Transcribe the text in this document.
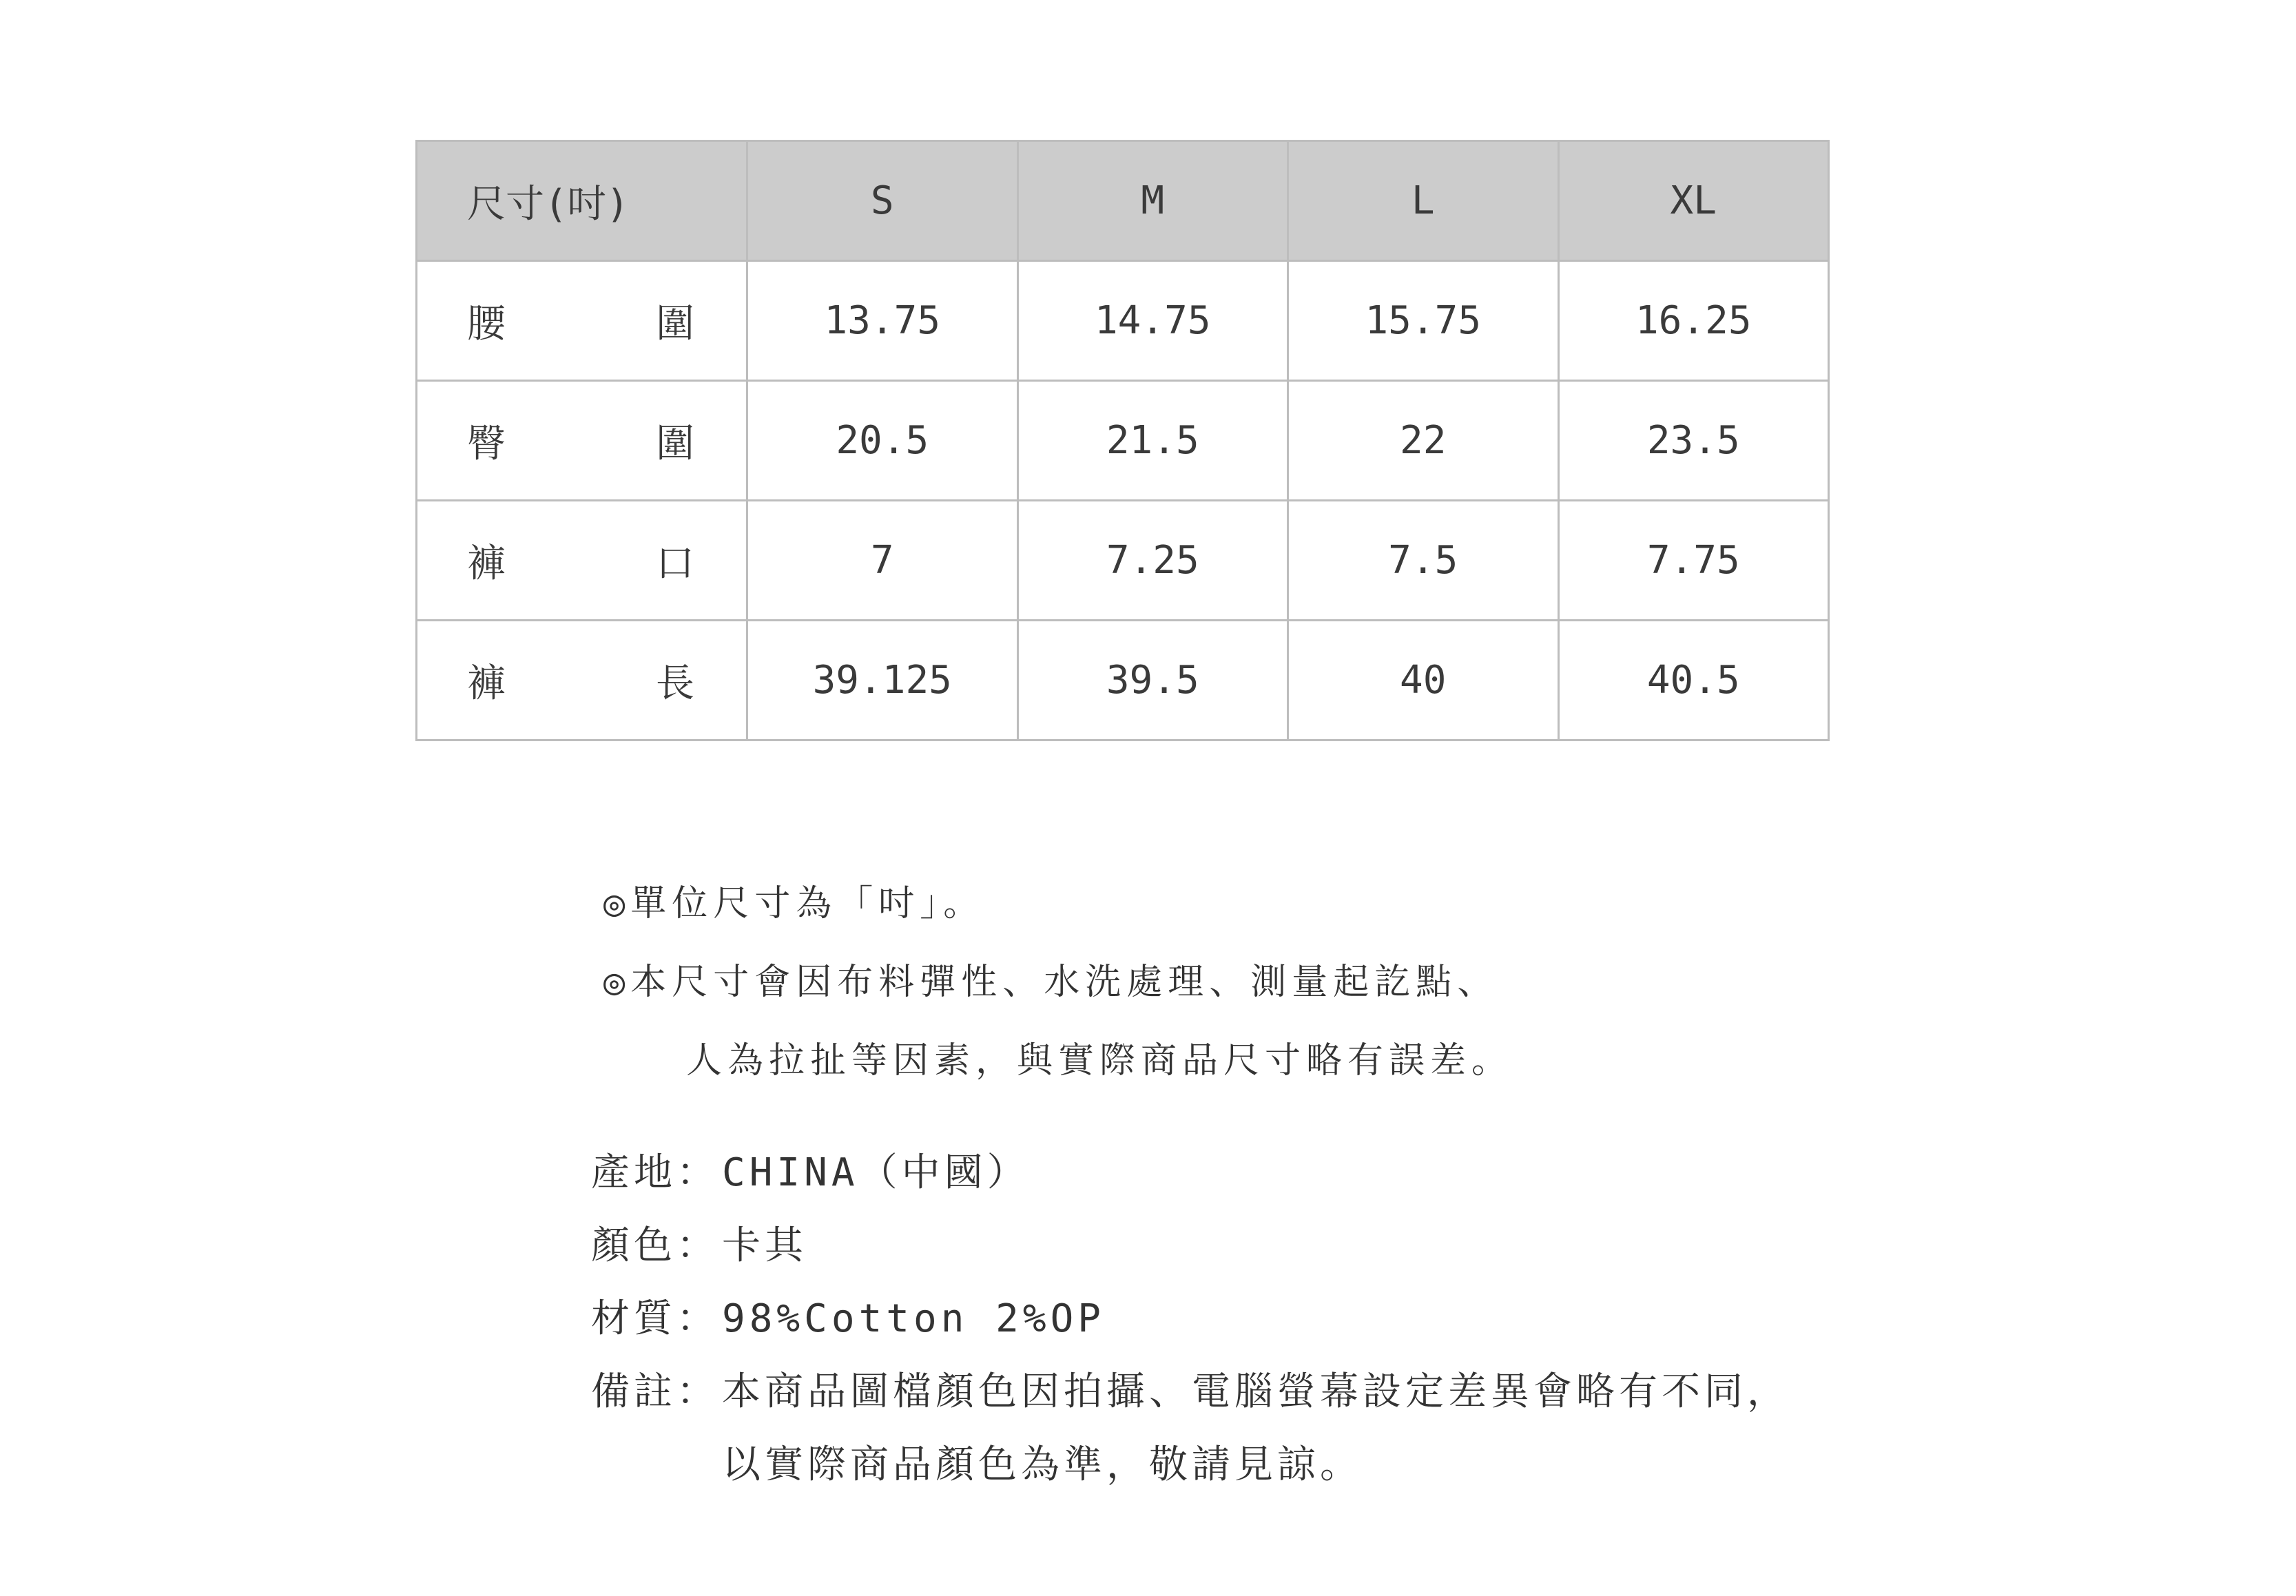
尺寸(吋)	S	M	L	XL

腰 圍	13.75	14.75	15.75	16.25

臀 圍	20.5	21.5	22	23.5

褲 口	7	7.25	7.5	7.75

褲 長	39.125	39.5	40	40.5
◎單位尺寸為「吋」。
◎本尺寸會因布料彈性、水洗處理、測量起訖點、
人為拉扯等因素，與實際商品尺寸略有誤差。
產地： CHINA（中國）
顏色： 卡其
材質： 98%Cotton 2%OP
備註： 本商品圖檔顏色因拍攝、電腦螢幕設定差異會略有不同，
以實際商品顏色為準，敬請見諒。
